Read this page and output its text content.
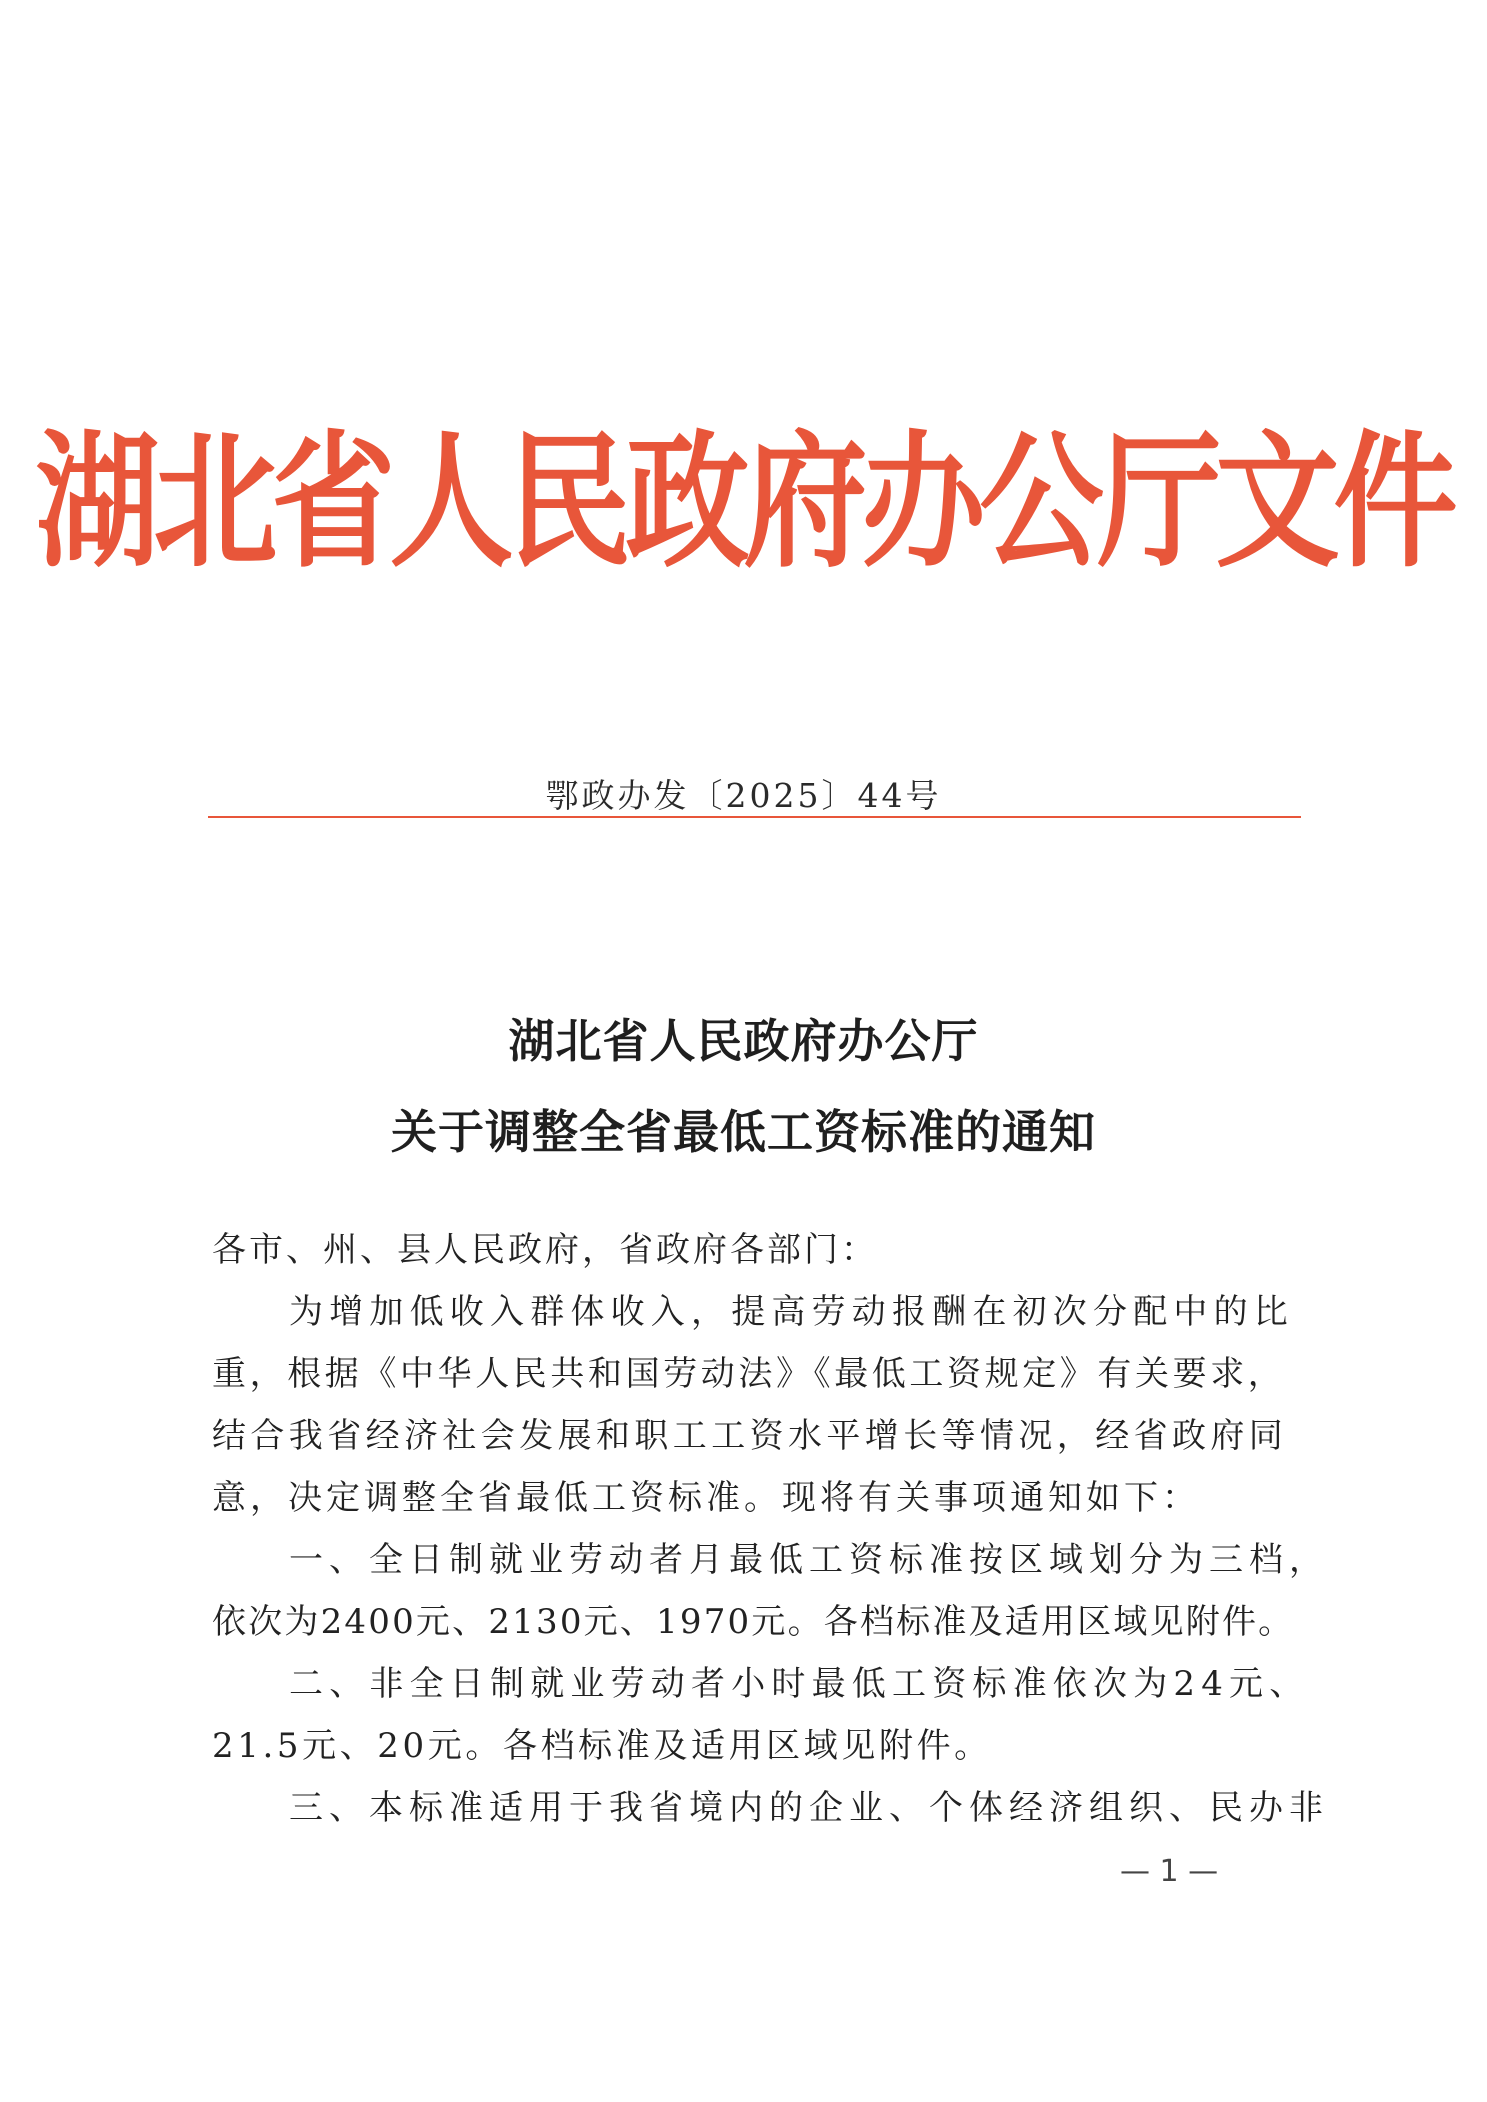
湖北省人民政府办公厅文件
鄂政办发〔2025〕44号
湖北省人民政府办公厅
关于调整全省最低工资标准的通知
各市、州、县人民政府，省政府各部门：
为增加低收入群体收入，提高劳动报酬在初次分配中的比
重，根据《中华人民共和国劳动法》《最低工资规定》有关要求，
结合我省经济社会发展和职工工资水平增长等情况，经省政府同
意，决定调整全省最低工资标准。现将有关事项通知如下：
一、全日制就业劳动者月最低工资标准按区域划分为三档，
依次为2400元、2130元、1970元。各档标准及适用区域见附件。
二、非全日制就业劳动者小时最低工资标准依次为24元、
21.5元、20元。各档标准及适用区域见附件。
三、本标准适用于我省境内的企业、个体经济组织、民办非
— 1 —
